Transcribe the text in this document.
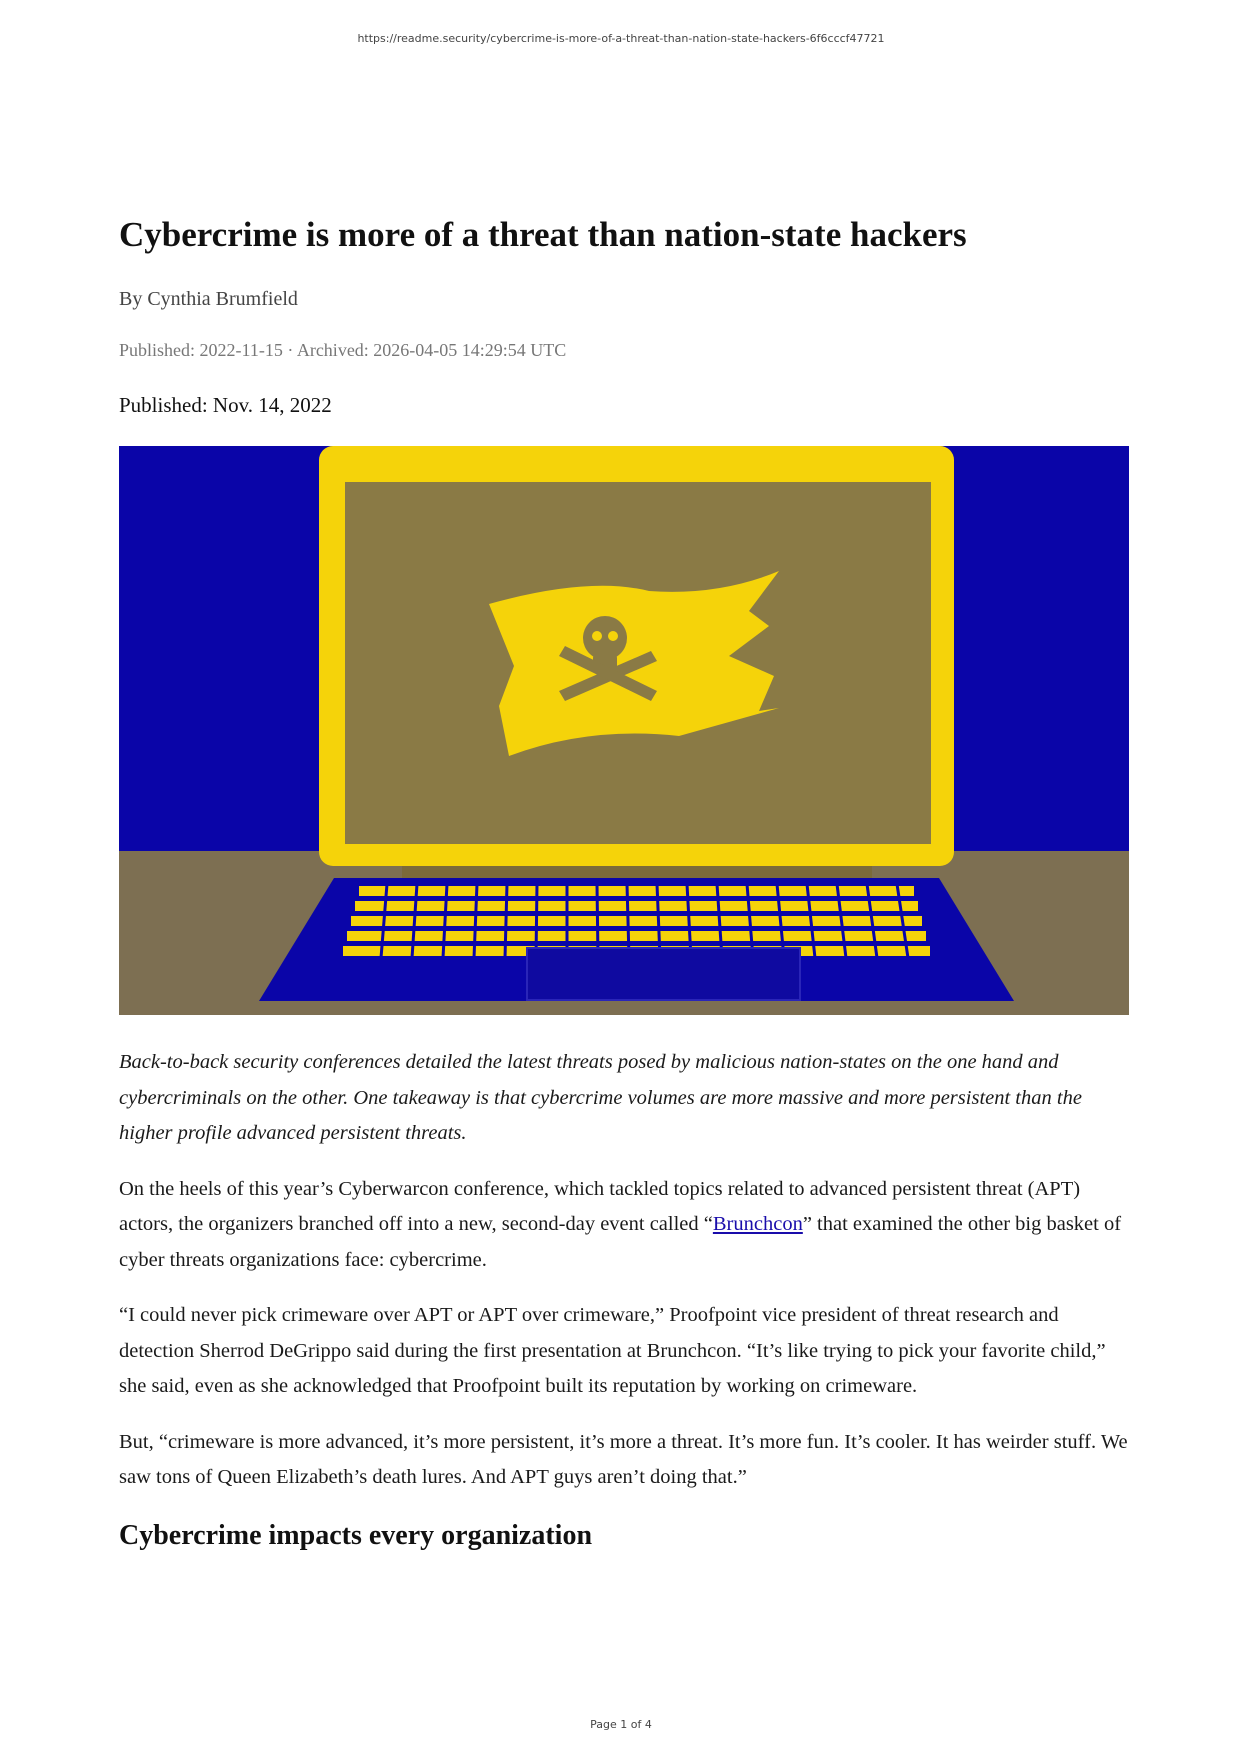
https://readme.security/cybercrime-is-more-of-a-threat-than-nation-state-hackers-6f6cccf47721
Cybercrime is more of a threat than nation-state hackers
By Cynthia Brumfield
Published: 2022-11-15 · Archived: 2026-04-05 14:29:54 UTC
Published: Nov. 14, 2022

Back-to-back security conferences detailed the latest threats posed by malicious nation-states on the one hand and cybercriminals on the other. One takeaway is that cybercrime volumes are more massive and more persistent than the higher profile advanced persistent threats.

On the heels of this year’s Cyberwarcon conference, which tackled topics related to advanced persistent threat (APT) actors, the organizers branched off into a new, second-day event called “Brunchcon” that examined the other big basket of cyber threats organizations face: cybercrime.

“I could never pick crimeware over APT or APT over crimeware,” Proofpoint vice president of threat research and detection Sherrod DeGrippo said during the first presentation at Brunchcon. “It’s like trying to pick your favorite child,” she said, even as she acknowledged that Proofpoint built its reputation by working on crimeware.

But, “crimeware is more advanced, it’s more persistent, it’s more a threat. It’s more fun. It’s cooler. It has weirder stuff. We saw tons of Queen Elizabeth’s death lures. And APT guys aren’t doing that.”

Cybercrime impacts every organization
Page 1 of 4
